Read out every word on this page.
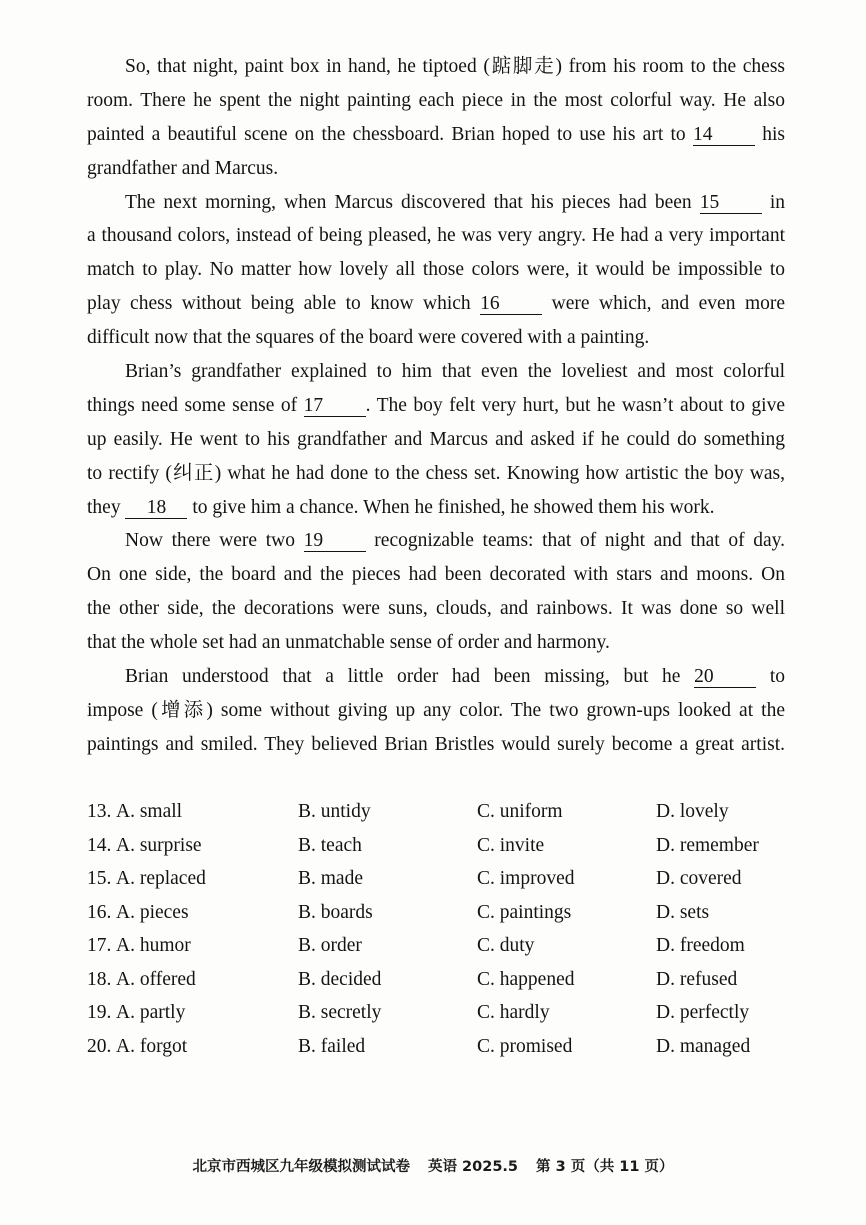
So, that night, paint box in hand, he tiptoed (踮脚走) from his room to the chess
room. There he spent the night painting each piece in the most colorful way. He also
painted a beautiful scene on the chessboard. Brian hoped to use his art to 14	his
grandfather and Marcus.
The next morning, when Marcus discovered that his pieces had been 15	in
a thousand colors, instead of being pleased, he was very angry. He had a very important
match to play. No matter how lovely all those colors were, it would be impossible to
play chess without being able to know which 16	were which, and even more
difficult now that the squares of the board were covered with a painting.
Brian’s grandfather explained to him that even the loveliest and most colorful
things need some sense of 17 . The boy felt very hurt, but he wasn’t about to give
up easily. He went to his grandfather and Marcus and asked if he could do something
to rectify (纠正) what he had done to the chess set. Knowing how artistic the boy was,
they 18 to give him a chance. When he finished, he showed them his work.
Now there were two 19	recognizable teams: that of night and that of day.
On one side, the board and the pieces had been decorated with stars and moons. On
the other side, the decorations were suns, clouds, and rainbows. It was done so well
that the whole set had an unmatchable sense of order and harmony.
Brian understood that a little order had been missing, but he 20	to
impose (增添) some without giving up any color. The two grown-ups looked at the
paintings and smiled. They believed Brian Bristles would surely become a great artist.
13. A. small	B. untidy	C. uniform	D. lovely
14. A. surprise	B. teach	C. invite	D. remember
15. A. replaced	B. made	C. improved	D. covered
16. A. pieces	B. boards	C. paintings	D. sets
17. A. humor	B. order	C. duty	D. freedom
18. A. offered	B. decided	C. happened	D. refused
19. A. partly	B. secretly	C. hardly	D. perfectly
20. A. forgot	B. failed	C. promised	D. managed
北京市西城区九年级模拟测试试卷 英语 2025.5 第 3 页（共 11 页）
